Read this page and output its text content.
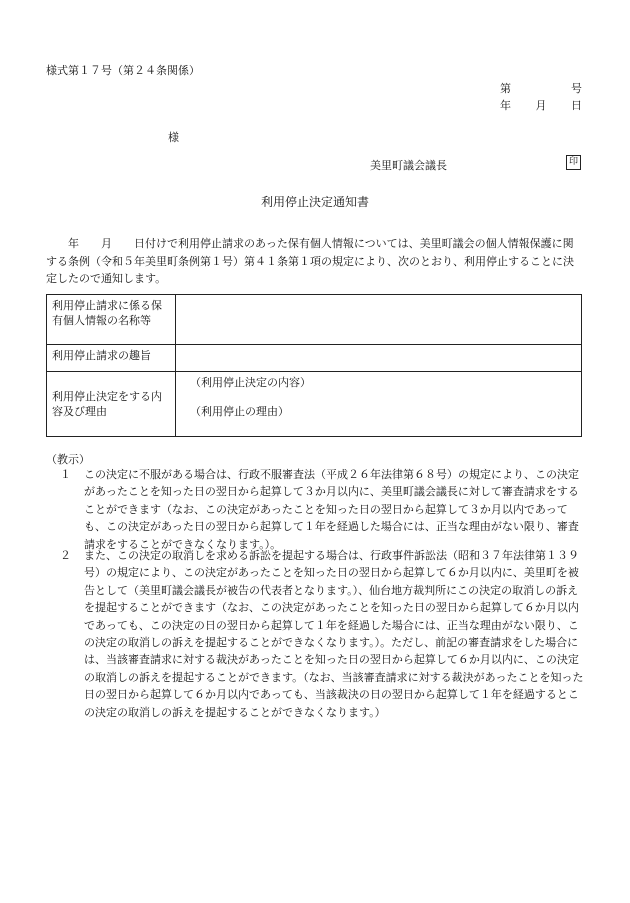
様式第１７号（第２４条関係）
第	号
年 月 日
様
美里町議会議長	印
利用停止決定通知書
年　　月　　日付けで利用停止請求のあった保有個人情報については、美里町議会の個人情報保護に関する条例（令和５年美里町条例第１号）第４１条第１項の規定により、次のとおり、利用停止することに決定したので通知します。
利用停止請求に係る保有個人情報の名称等	
利用停止請求の趣旨	
利用停止決定をする内容及び理由	（利用停止決定の内容）
（利用停止の理由）
（教示）
１	この決定に不服がある場合は、行政不服審査法（平成２６年法律第６８号）の規定により、この決定があったことを知った日の翌日から起算して３か月以内に、美里町議会議長に対して審査請求をすることができます（なお、この決定があったことを知った日の翌日から起算して３か月以内であっても、この決定があった日の翌日から起算して１年を経過した場合には、正当な理由がない限り、審査請求をすることができなくなります。）。
２	また、この決定の取消しを求める訴訟を提起する場合は、行政事件訴訟法（昭和３７年法律第１３９号）の規定により、この決定があったことを知った日の翌日から起算して６か月以内に、美里町を被告として（美里町議会議長が被告の代表者となります。）、仙台地方裁判所にこの決定の取消しの訴えを提起することができます（なお、この決定があったことを知った日の翌日から起算して６か月以内であっても、この決定の日の翌日から起算して１年を経過した場合には、正当な理由がない限り、この決定の取消しの訴えを提起することができなくなります。）。ただし、前記の審査請求をした場合には、当該審査請求に対する裁決があったことを知った日の翌日から起算して６か月以内に、この決定の取消しの訴えを提起することができます。（なお、当該審査請求に対する裁決があったことを知った日の翌日から起算して６か月以内であっても、当該裁決の日の翌日から起算して１年を経過するとこの決定の取消しの訴えを提起することができなくなります。）
